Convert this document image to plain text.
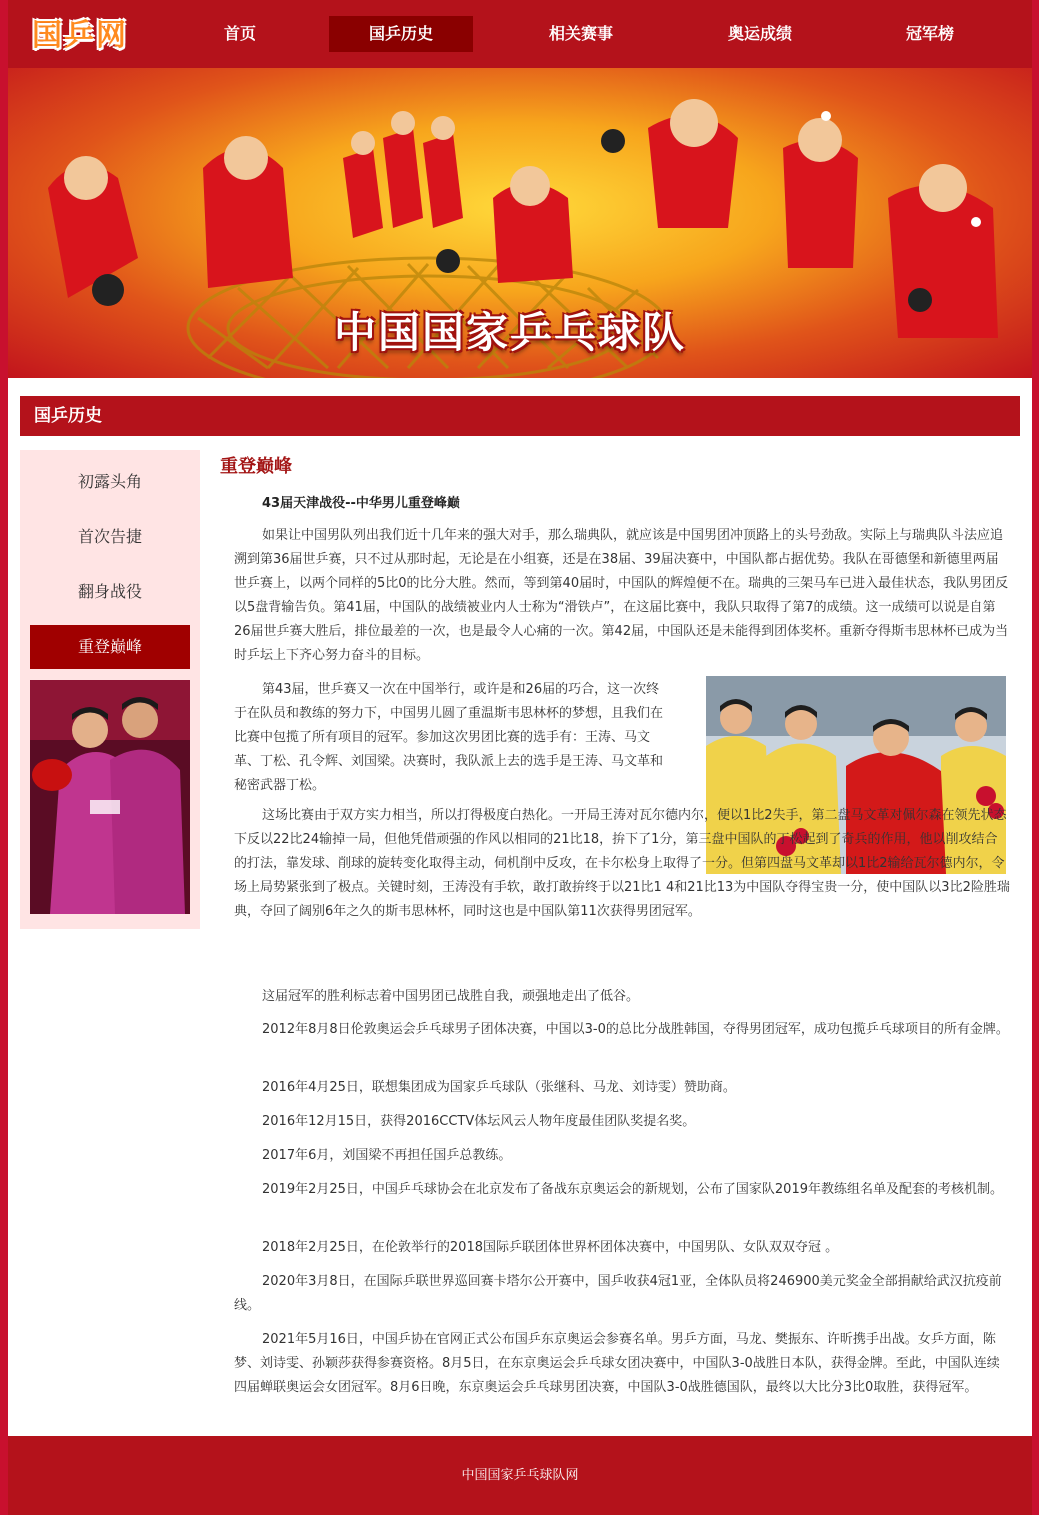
国乒网	首页	国乒历史	相关赛事	奥运成绩	冠军榜
中国国家乒乓球队
国乒历史
初露头角
首次告捷
翻身战役
重登巅峰
重登巅峰
43届天津战役--中华男儿重登峰巅

如果让中国男队列出我们近十几年来的强大对手，那么瑞典队，就应该是中国男团冲顶路上的头号劲敌。实际上与瑞典队斗法应追溯到第36届世乒赛，只不过从那时起，无论是在小组赛，还是在38届、39届决赛中，中国队都占据优势。我队在哥德堡和新德里两届世乒赛上，以两个同样的5比0的比分大胜。然而，等到第40届时，中国队的辉煌便不在。瑞典的三架马车已进入最佳状态，我队男团反以5盘背输告负。第41届，中国队的战绩被业内人士称为“滑铁卢”，在这届比赛中，我队只取得了第7的成绩。这一成绩可以说是自第26届世乒赛大胜后，排位最差的一次，也是最令人心痛的一次。第42届，中国队还是未能得到团体奖杯。重新夺得斯韦思林杯已成为当时乒坛上下齐心努力奋斗的目标。

第43届，世乒赛又一次在中国举行，或许是和26届的巧合，这一次终于在队员和教练的努力下，中国男儿圆了重温斯韦思林杯的梦想，且我们在比赛中包揽了所有项目的冠军。参加这次男团比赛的选手有：王涛、马文革、丁松、孔令辉、刘国梁。决赛时，我队派上去的选手是王涛、马文革和秘密武器丁松。

这场比赛由于双方实力相当，所以打得极度白热化。一开局王涛对瓦尔德内尔，便以1比2失手，第二盘马文革对佩尔森在领先状态下反以22比24输掉一局，但他凭借顽强的作风以相同的21比18，拚下了1分，第三盘中国队的丁松起到了奇兵的作用，他以削攻结合的打法，靠发球、削球的旋转变化取得主动，伺机削中反攻，在卡尔松身上取得了一分。但第四盘马文革却以1比2输给瓦尔德内尔，令场上局势紧张到了极点。关键时刻，王涛没有手软，敢打敢拚终于以21比1 4和21比13为中国队夺得宝贵一分，使中国队以3比2险胜瑞典，夺回了阔别6年之久的斯韦思林杯，同时这也是中国队第11次获得男团冠军。

这届冠军的胜利标志着中国男团已战胜自我，顽强地走出了低谷。

2012年8月8日伦敦奥运会乒乓球男子团体决赛，中国以3-0的总比分战胜韩国，夺得男团冠军，成功包揽乒乓球项目的所有金牌。

2016年4月25日，联想集团成为国家乒乓球队（张继科、马龙、刘诗雯）赞助商。

2016年12月15日，获得2016CCTV体坛风云人物年度最佳团队奖提名奖。

2017年6月，刘国梁不再担任国乒总教练。

2019年2月25日，中国乒乓球协会在北京发布了备战东京奥运会的新规划，公布了国家队2019年教练组名单及配套的考核机制。

2018年2月25日，在伦敦举行的2018国际乒联团体世界杯团体决赛中，中国男队、女队双双夺冠 。

2020年3月8日，在国际乒联世界巡回赛卡塔尔公开赛中，国乒收获4冠1亚，全体队员将246900美元奖金全部捐献给武汉抗疫前线。

2021年5月16日，中国乒协在官网正式公布国乒东京奥运会参赛名单。男乒方面，马龙、樊振东、许昕携手出战。女乒方面，陈梦、刘诗雯、孙颖莎获得参赛资格。8月5日，在东京奥运会乒乓球女团决赛中，中国队3-0战胜日本队，获得金牌。至此，中国队连续四届蝉联奥运会女团冠军。8月6日晚，东京奥运会乒乓球男团决赛，中国队3-0战胜德国队，最终以大比分3比0取胜，获得冠军。

中国国家乒乓球队网
